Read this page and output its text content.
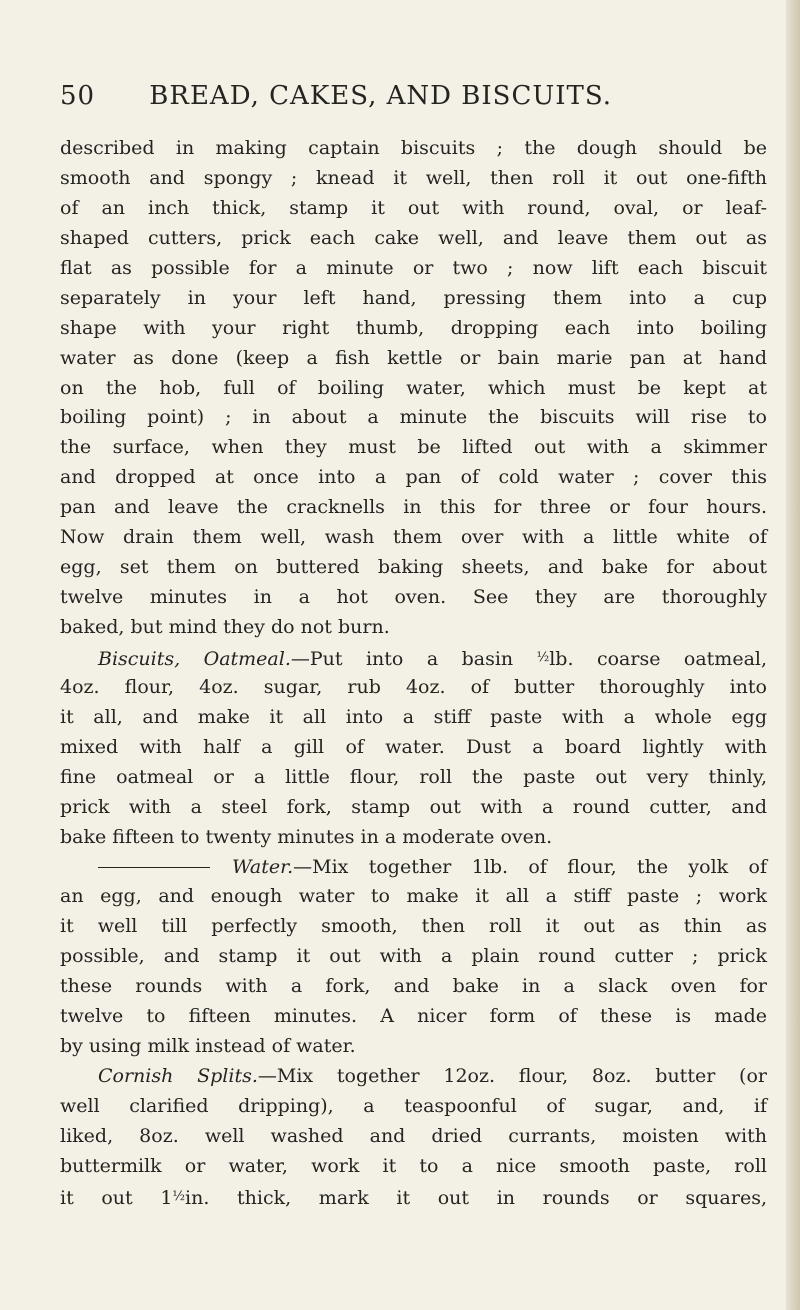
50 BREAD, CAKES, AND BISCUITS.
described in making captain biscuits ; the dough should be
smooth and spongy ; knead it well, then roll it out one-fifth
of an inch thick, stamp it out with round, oval, or leaf-
shaped cutters, prick each cake well, and leave them out as
flat as possible for a minute or two ; now lift each biscuit
separately in your left hand, pressing them into a cup
shape with your right thumb, dropping each into boiling
water as done (keep a fish kettle or bain marie pan at hand
on the hob, full of boiling water, which must be kept at
boiling point) ; in about a minute the biscuits will rise to
the surface, when they must be lifted out with a skimmer
and dropped at once into a pan of cold water ; cover this
pan and leave the cracknells in this for three or four hours.
Now drain them well, wash them over with a little white of
egg, set them on buttered baking sheets, and bake for about
twelve minutes in a hot oven. See they are thoroughly
baked, but mind they do not burn.
Biscuits, Oatmeal.—Put into a basin $^{\frac{1}{2}}$lb. coarse oatmeal,
4oz. flour, 4oz. sugar, rub 4oz. of butter thoroughly into
it all, and make it all into a stiff paste with a whole egg
mixed with half a gill of water. Dust a board lightly with
fine oatmeal or a little flour, roll the paste out very thinly,
prick with a steel fork, stamp out with a round cutter, and
bake fifteen to twenty minutes in a moderate oven.
Water.—Mix together 1lb. of flour, the yolk of
an egg, and enough water to make it all a stiff paste ; work
it well till perfectly smooth, then roll it out as thin as
possible, and stamp it out with a plain round cutter ; prick
these rounds with a fork, and bake in a slack oven for
twelve to fifteen minutes. A nicer form of these is made
by using milk instead of water.
Cornish Splits.—Mix together 12oz. flour, 8oz. butter (or
well clarified dripping), a teaspoonful of sugar, and, if
liked, 8oz. well washed and dried currants, moisten with
buttermilk or water, work it to a nice smooth paste, roll
it out $1^{\frac{1}{2}}in$. thick, mark it out in rounds or squares,
